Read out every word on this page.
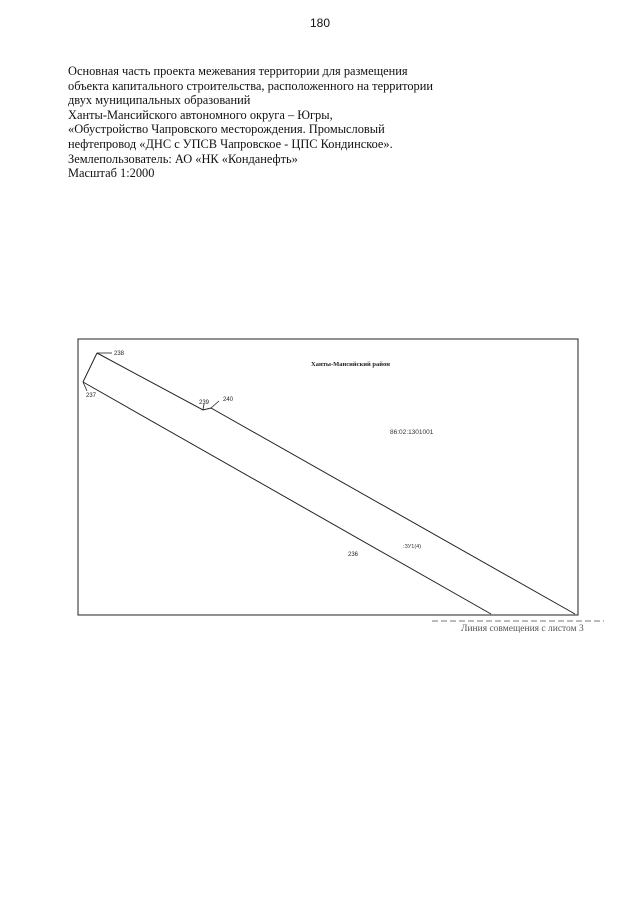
180
Основная часть проекта межевания территории для размещения
объекта капитального строительства, расположенного на территории
двух муниципальных образований
Ханты-Мансийского автономного округа – Югры,
«Обустройство Чапровского месторождения. Промысловый
нефтепровод «ДНС с УПСВ Чапровское - ЦПС Кондинское».
Землепользователь: АО «НК «Конданефть»
Масштаб 1:2000
Ханты-Мансийский район
238
237
239 240
236
86:02:1301001
:ЗУ1(4)
Линия совмещения с листом 3
